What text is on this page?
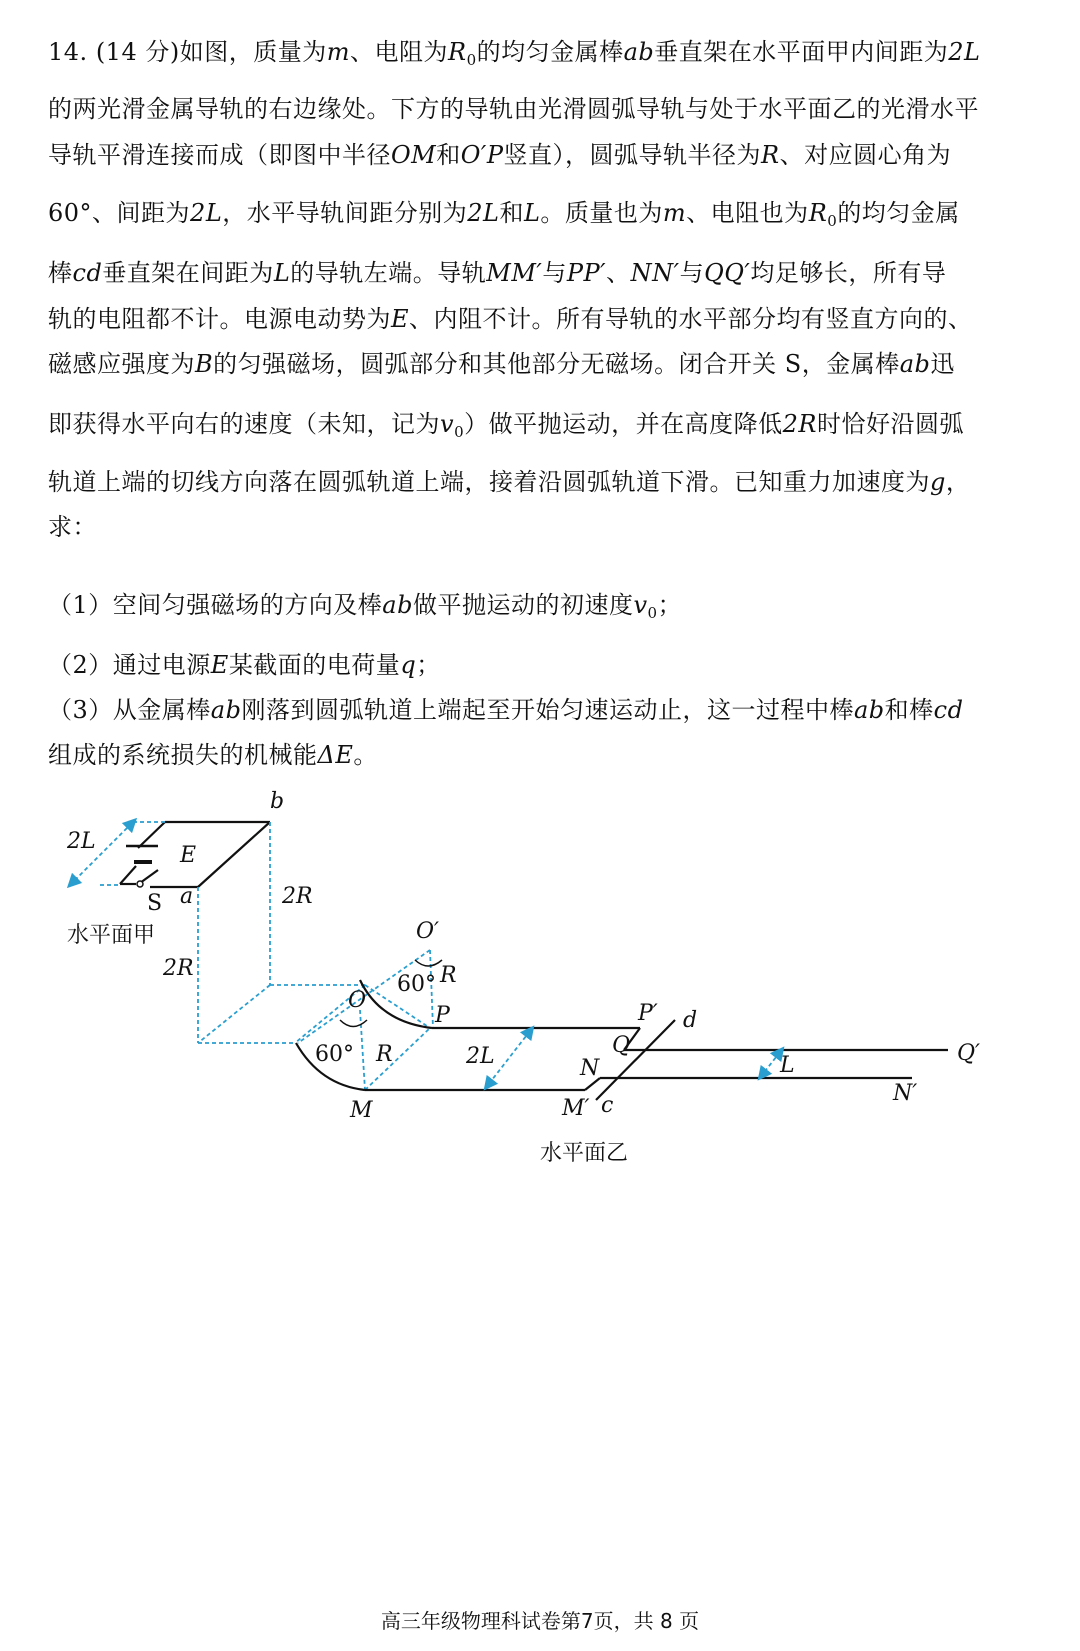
14. (14 分)如图，质量为m、电阻为$R_0$的均匀金属棒ab垂直架在水平面甲内间距为2L
的两光滑金属导轨的右边缘处。下方的导轨由光滑圆弧导轨与处于水平面乙的光滑水平
导轨平滑连接而成（即图中半径OM和O′P竖直），圆弧导轨半径为R、对应圆心角为
60°、间距为2L，水平导轨间距分别为2L和L。质量也为m、电阻也为$R_0$的均匀金属
棒cd垂直架在间距为L的导轨左端。导轨MM′与PP′、NN′与QQ′均足够长，所有导
轨的电阻都不计。电源电动势为E、内阻不计。所有导轨的水平部分均有竖直方向的、
磁感应强度为B的匀强磁场，圆弧部分和其他部分无磁场。闭合开关 S，金属棒ab迅
即获得水平向右的速度（未知，记为$v_0$）做平抛运动，并在高度降低2R时恰好沿圆弧
轨道上端的切线方向落在圆弧轨道上端，接着沿圆弧轨道下滑。已知重力加速度为g，
求：
（1）空间匀强磁场的方向及棒ab做平抛运动的初速度$v_0$；
（2）通过电源E某截面的电荷量q；
（3）从金属棒ab刚落到圆弧轨道上端起至开始匀速运动止，这一过程中棒ab和棒cd
组成的系统损失的机械能ΔE。
b
a
E
S
2L
2R
2R
水平面甲	O′
O
R
60°
P
60° R
M
2L
P′ d
Q
N
M′ c
L	Q′
N′
水平面乙
高三年级物理科试卷第7页，共 8 页
